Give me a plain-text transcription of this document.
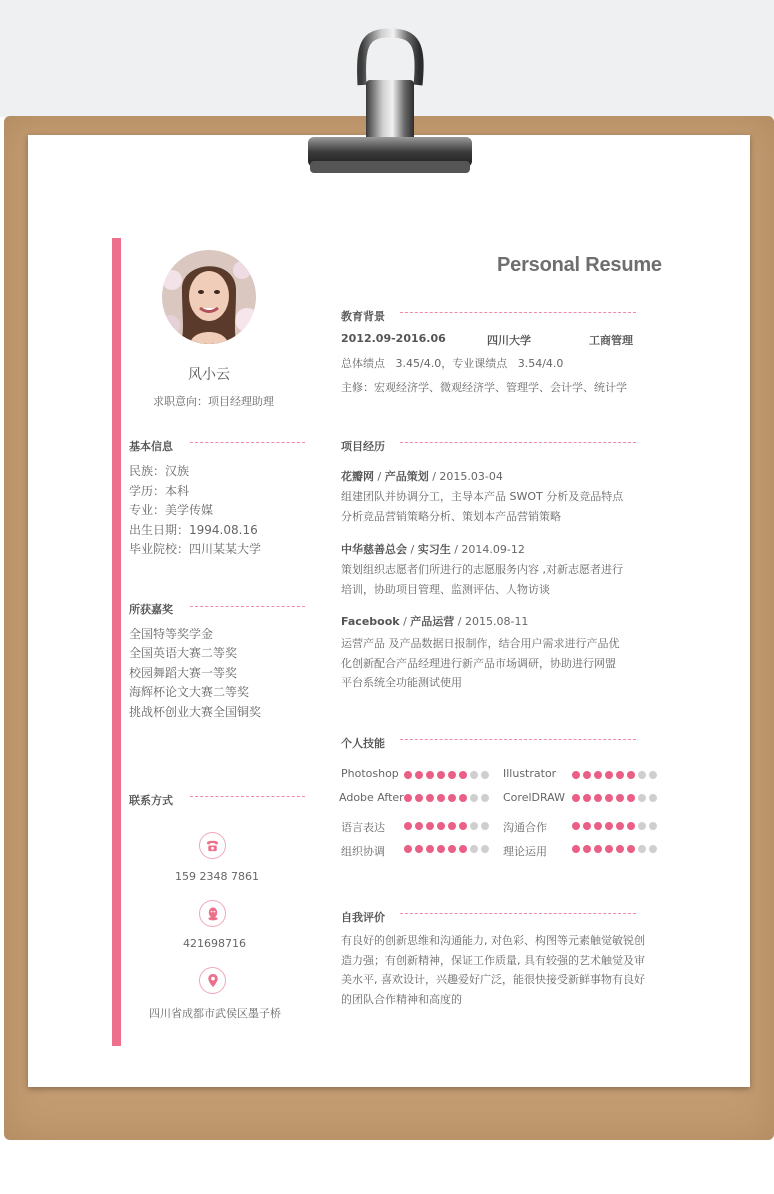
风小云
求职意向：项目经理助理
基本信息
民族：汉族
学历：本科
专业：美学传媒
出生日期：1994.08.16
毕业院校：四川某某大学
所获嘉奖
全国特等奖学金
全国英语大赛二等奖
校园舞蹈大赛一等奖
海辉杯论文大赛二等奖
挑战杯创业大赛全国铜奖
联系方式
159 2348 7861
421698716
四川省成都市武侯区墨子桥
Personal Resume
教育背景
2012.09-2016.06	四川大学	工商管理
总体绩点 3.45/4.0，专业课绩点 3.54/4.0
主修：宏观经济学、微观经济学、管理学、会计学、统计学
项目经历
花瓣网 / 产品策划 / 2015.03-04
组建团队并协调分工，主导本产品 SWOT 分析及竞品特点
分析竞品营销策略分析、策划本产品营销策略
中华慈善总会 / 实习生 / 2014.09-12
策划组织志愿者们所进行的志愿服务内容 ,对新志愿者进行
培训，协助项目管理、监测评估、人物访谈
Facebook / 产品运营 / 2015.08-11
运营产品 及产品数据日报制作，结合用户需求进行产品优
化创新配合产品经理进行新产品市场调研，协助进行网盟
平台系统全功能测试使用
个人技能
Photoshop	Illustrator
Adobe After	CorelDRAW
语言表达	沟通合作
组织协调	理论运用
自我评价
有良好的创新思维和沟通能力, 对色彩、构图等元素触觉敏锐创
造力强；有创新精神，保证工作质量, 具有较强的艺术触觉及审
美水平, 喜欢设计，兴趣爱好广泛，能很快接受新鲜事物有良好
的团队合作精神和高度的
